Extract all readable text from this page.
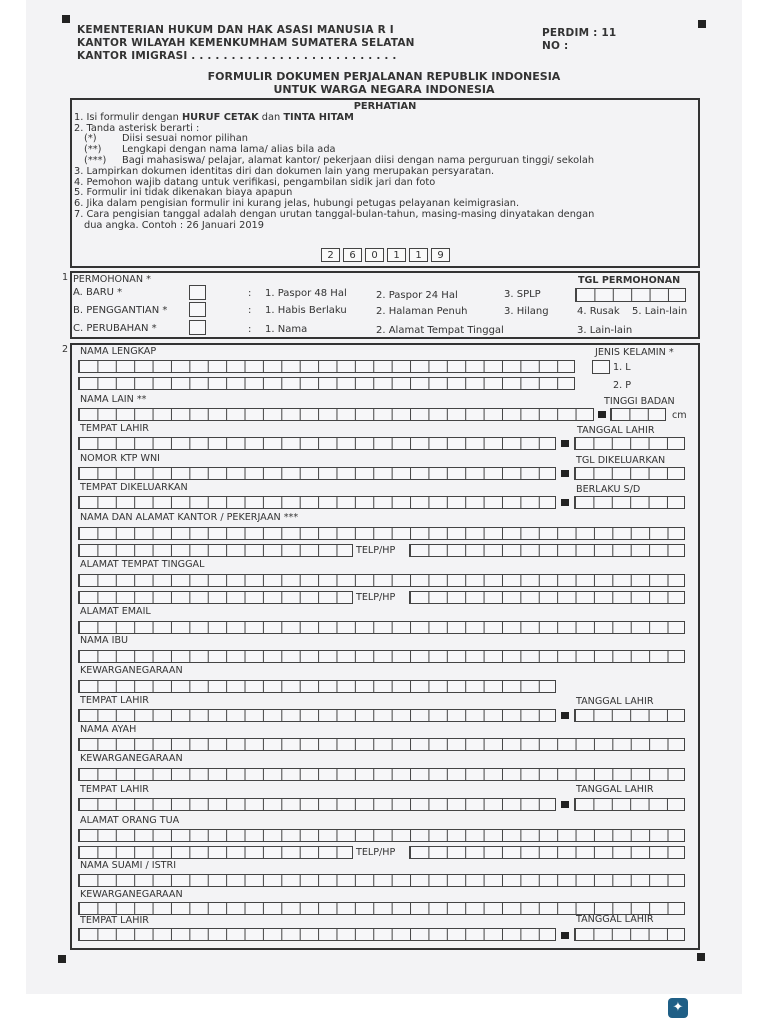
KEMENTERIAN HUKUM DAN HAK ASASI MANUSIA R I
KANTOR WILAYAH KEMENKUMHAM SUMATERA SELATAN
KANTOR IMIGRASI . . . . . . . . . . . . . . . . . . . . . . . . . .
PERDIM : 11
NO :
FORMULIR DOKUMEN PERJALANAN REPUBLIK INDONESIA
UNTUK WARGA NEGARA INDONESIA
PERHATIAN
1. Isi formulir dengan HURUF CETAK dan TINTA HITAM
2. Tanda asterisk berarti :
(*)	Diisi sesuai nomor pilihan
(**) Lengkapi dengan nama lama/ alias bila ada
(***) Bagi mahasiswa/ pelajar, alamat kantor/ pekerjaan diisi dengan nama perguruan tinggi/ sekolah
3. Lampirkan dokumen identitas diri dan dokumen lain yang merupakan persyaratan.
4. Pemohon wajib datang untuk verifikasi, pengambilan sidik jari dan foto
5. Formulir ini tidak dikenakan biaya apapun
6. Jika dalam pengisian formulir ini kurang jelas, hubungi petugas pelayanan keimigrasian.
7. Cara pengisian tanggal adalah dengan urutan tanggal-bulan-tahun, masing-masing dinyatakan dengan
dua angka. Contoh : 26 Januari 2019
2	6	0	1	1	9
1 PERMOHONAN *	TGL PERMOHONAN
A. BARU *	: 1. Paspor 48 Hal	2. Paspor 24 Hal	3. SPLP
B. PENGGANTIAN *	: 1. Habis Berlaku	2. Halaman Penuh	3. Hilang	4. Rusak 5. Lain-lain
C. PERUBAHAN *	: 1. Nama	2. Alamat Tempat Tinggal	3. Lain-lain
2 NAMA LENGKAP	JENIS KELAMIN *
1. L
2. P
NAMA LAIN **	TINGGI BADAN
cm
TEMPAT LAHIR	TANGGAL LAHIR
NOMOR KTP WNI	TGL DIKELUARKAN
TEMPAT DIKELUARKAN	BERLAKU S/D
NAMA DAN ALAMAT KANTOR / PEKERJAAN ***
TELP/HP
ALAMAT TEMPAT TINGGAL
TELP/HP
ALAMAT EMAIL
NAMA IBU
KEWARGANEGARAAN
TEMPAT LAHIR	TANGGAL LAHIR
NAMA AYAH
KEWARGANEGARAAN
TEMPAT LAHIR	TANGGAL LAHIR
ALAMAT ORANG TUA
TELP/HP
NAMA SUAMI / ISTRI
KEWARGANEGARAAN
TEMPAT LAHIR	TANGGAL LAHIR
✦
